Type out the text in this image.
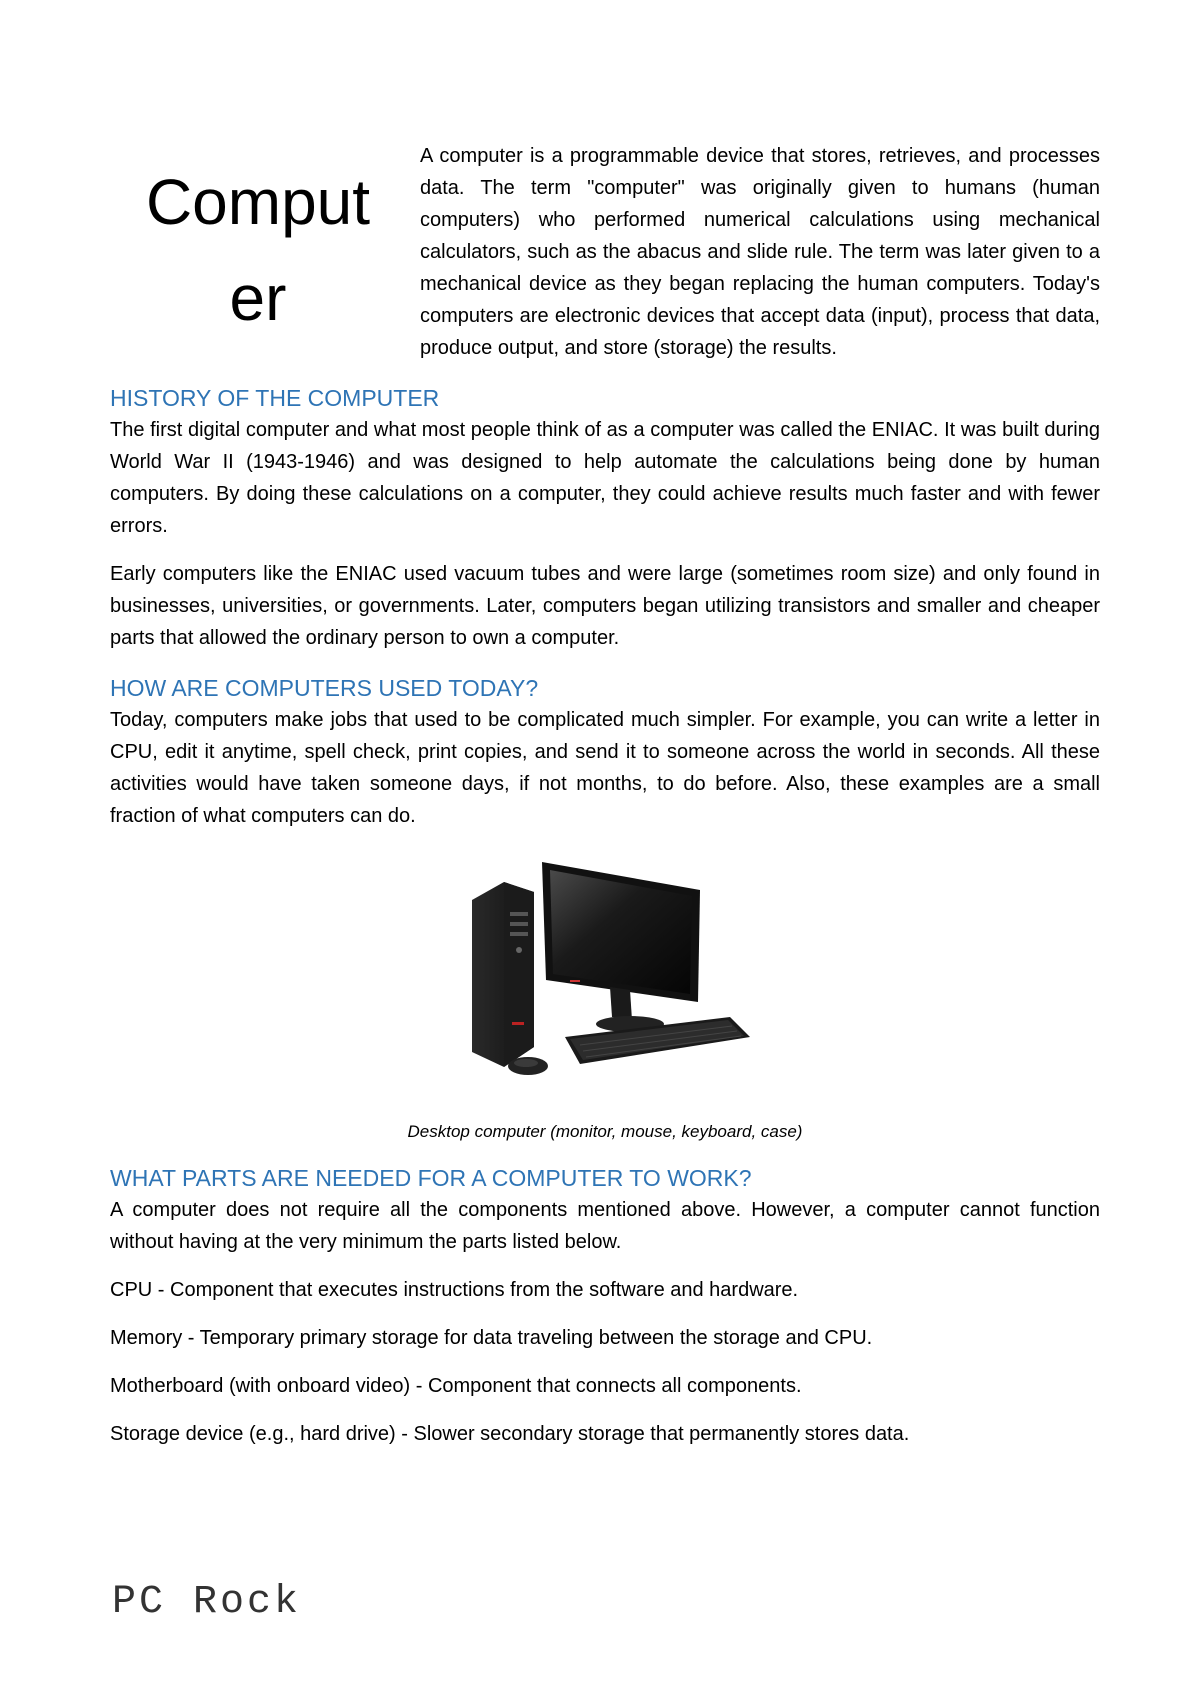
Comput
er

A computer is a programmable device that stores, retrieves, and processes data. The term "computer" was originally given to humans (human computers) who performed numerical calculations using mechanical calculators, such as the abacus and slide rule. The term was later given to a mechanical device as they began replacing the human computers. Today's computers are electronic devices that accept data (input), process that data, produce output, and store (storage) the results.

HISTORY OF THE COMPUTER

The first digital computer and what most people think of as a computer was called the ENIAC. It was built during World War II (1943-1946) and was designed to help automate the calculations being done by human computers. By doing these calculations on a computer, they could achieve results much faster and with fewer errors.

Early computers like the ENIAC used vacuum tubes and were large (sometimes room size) and only found in businesses, universities, or governments. Later, computers began utilizing transistors and smaller and cheaper parts that allowed the ordinary person to own a computer.

HOW ARE COMPUTERS USED TODAY?

Today, computers make jobs that used to be complicated much simpler. For example, you can write a letter in CPU, edit it anytime, spell check, print copies, and send it to someone across the world in seconds. All these activities would have taken someone days, if not months, to do before. Also, these examples are a small fraction of what computers can do.

Desktop computer (monitor, mouse, keyboard, case)
WHAT PARTS ARE NEEDED FOR A COMPUTER TO WORK?

A computer does not require all the components mentioned above. However, a computer cannot function without having at the very minimum the parts listed below.

CPU - Component that executes instructions from the software and hardware.

Memory - Temporary primary storage for data traveling between the storage and CPU.

Motherboard (with onboard video) - Component that connects all components.

Storage device (e.g., hard drive) - Slower secondary storage that permanently stores data.

PC Rock
